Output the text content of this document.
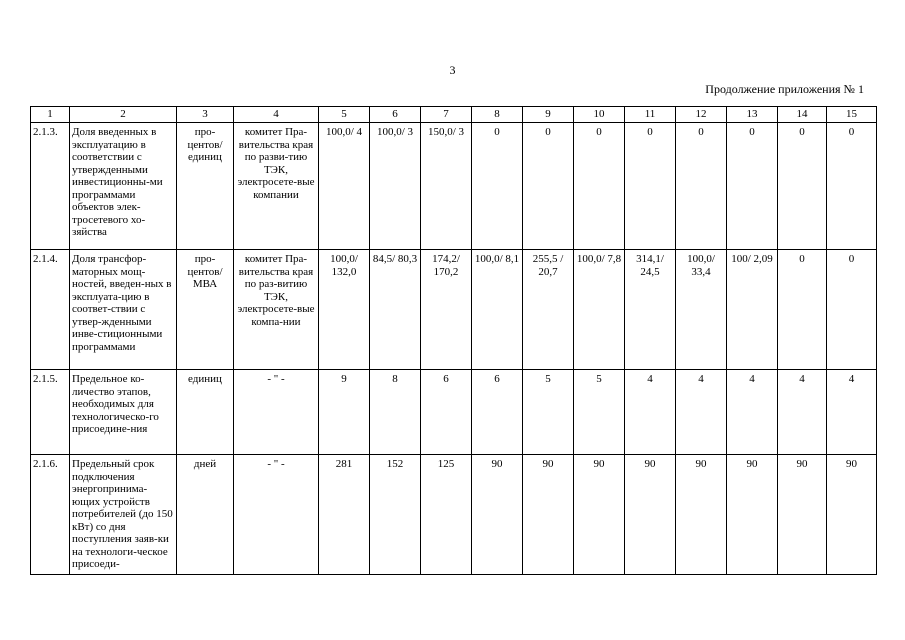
3
Продолжение приложения № 1
1	2	3	4	5	6	7	8	9	10	11	12	13	14	15
2.1.3.	Доля введенных в эксплуатацию в соответствии с утвержденными инвестиционны-ми программами объектов элек-тросетевого хо-зяйства	про-центов/ единиц	комитет Пра-вительства края по разви-тию ТЭК, электросете-вые компании	100,0/ 4	100,0/ 3	150,0/ 3	0	0	0	0	0	0	0	0
2.1.4.	Доля трансфор-маторных мощ-ностей, введен-ных в эксплуата-цию в соответ-ствии с утвер-жденными инве-стиционными программами	про-центов/ МВА	комитет Пра-вительства края по раз-витию ТЭК, электросете-вые компа-нии	100,0/ 132,0	84,5/ 80,3	174,2/ 170,2	100,0/ 8,1	255,5 / 20,7	100,0/ 7,8	314,1/ 24,5	100,0/ 33,4	100/ 2,09	0	0
2.1.5.	Предельное ко-личество этапов, необходимых для технологическо-го присоедине-ния	единиц	- " -	9	8	6	6	5	5	4	4	4	4	4
2.1.6.	Предельный срок подключения энергопринима-ющих устройств потребителей (до 150 кВт) со дня поступления заяв-ки на технологи-ческое присоеди-	дней	- " -	281	152	125	90	90	90	90	90	90	90	90
